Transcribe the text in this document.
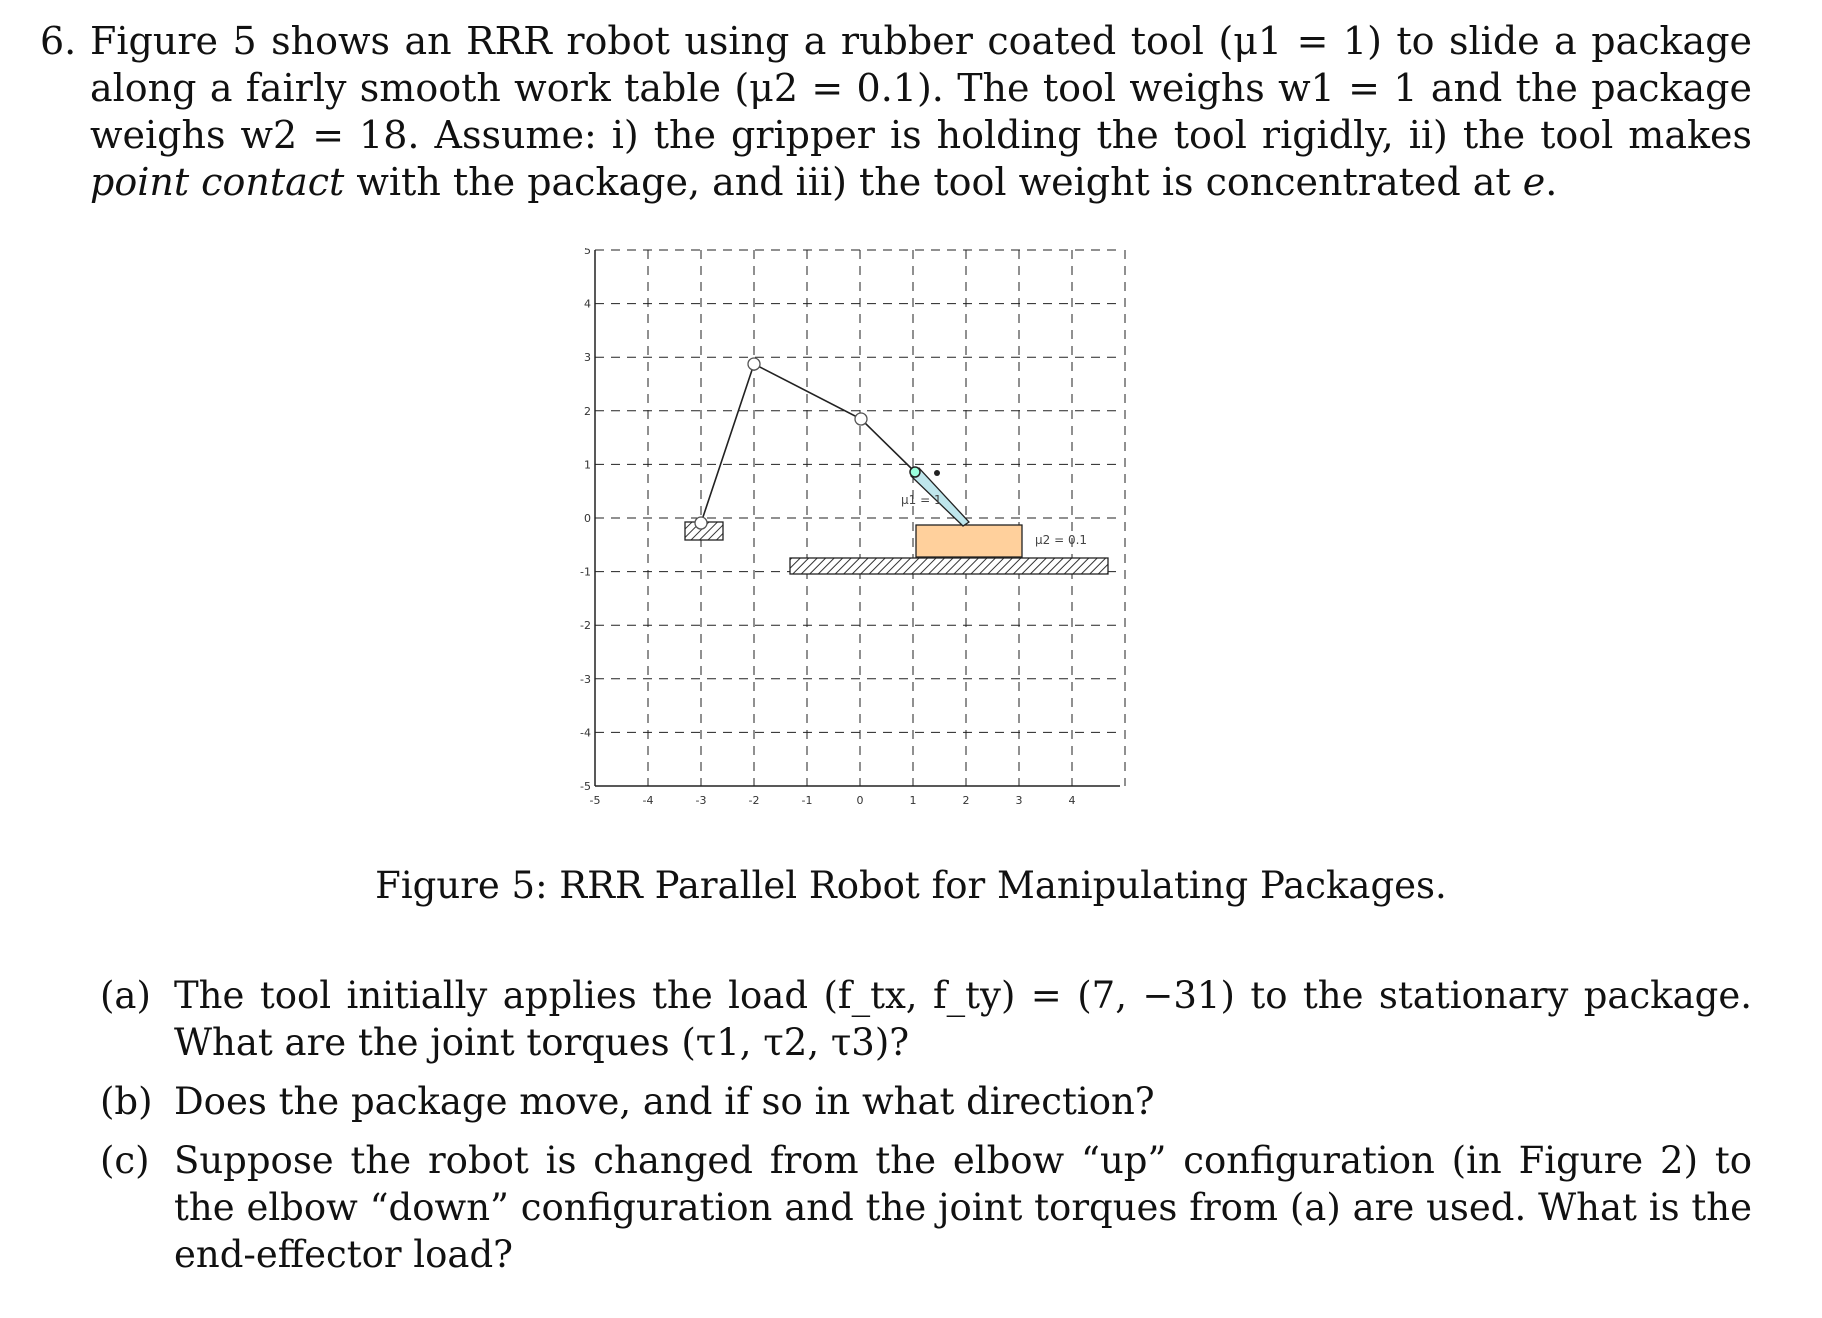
6. Figure 5 shows an RRR robot using a rubber coated tool (μ1 = 1) to slide a package along a fairly smooth work table (μ2 = 0.1). The tool weighs w1 = 1 and the package weighs w2 = 18. Assume: i) the gripper is holding the tool rigidly, ii) the tool makes point contact with the package, and iii) the tool weight is concentrated at e.
-5	-4	-3	-2	-1	0	1	2	3	4
5
4
3
2
1
0
-1
-2
-3
-4
-5
μ1 = 1
μ2 = 0.1
Figure 5: RRR Parallel Robot for Manipulating Packages.
(a) The tool initially applies the load (f_tx, f_ty) = (7, −31) to the stationary package. What are the joint torques (τ1, τ2, τ3)?
(b) Does the package move, and if so in what direction?
(c) Suppose the robot is changed from the elbow “up” configuration (in Figure 2) to the elbow “down” configuration and the joint torques from (a) are used. What is the end-effector load?
